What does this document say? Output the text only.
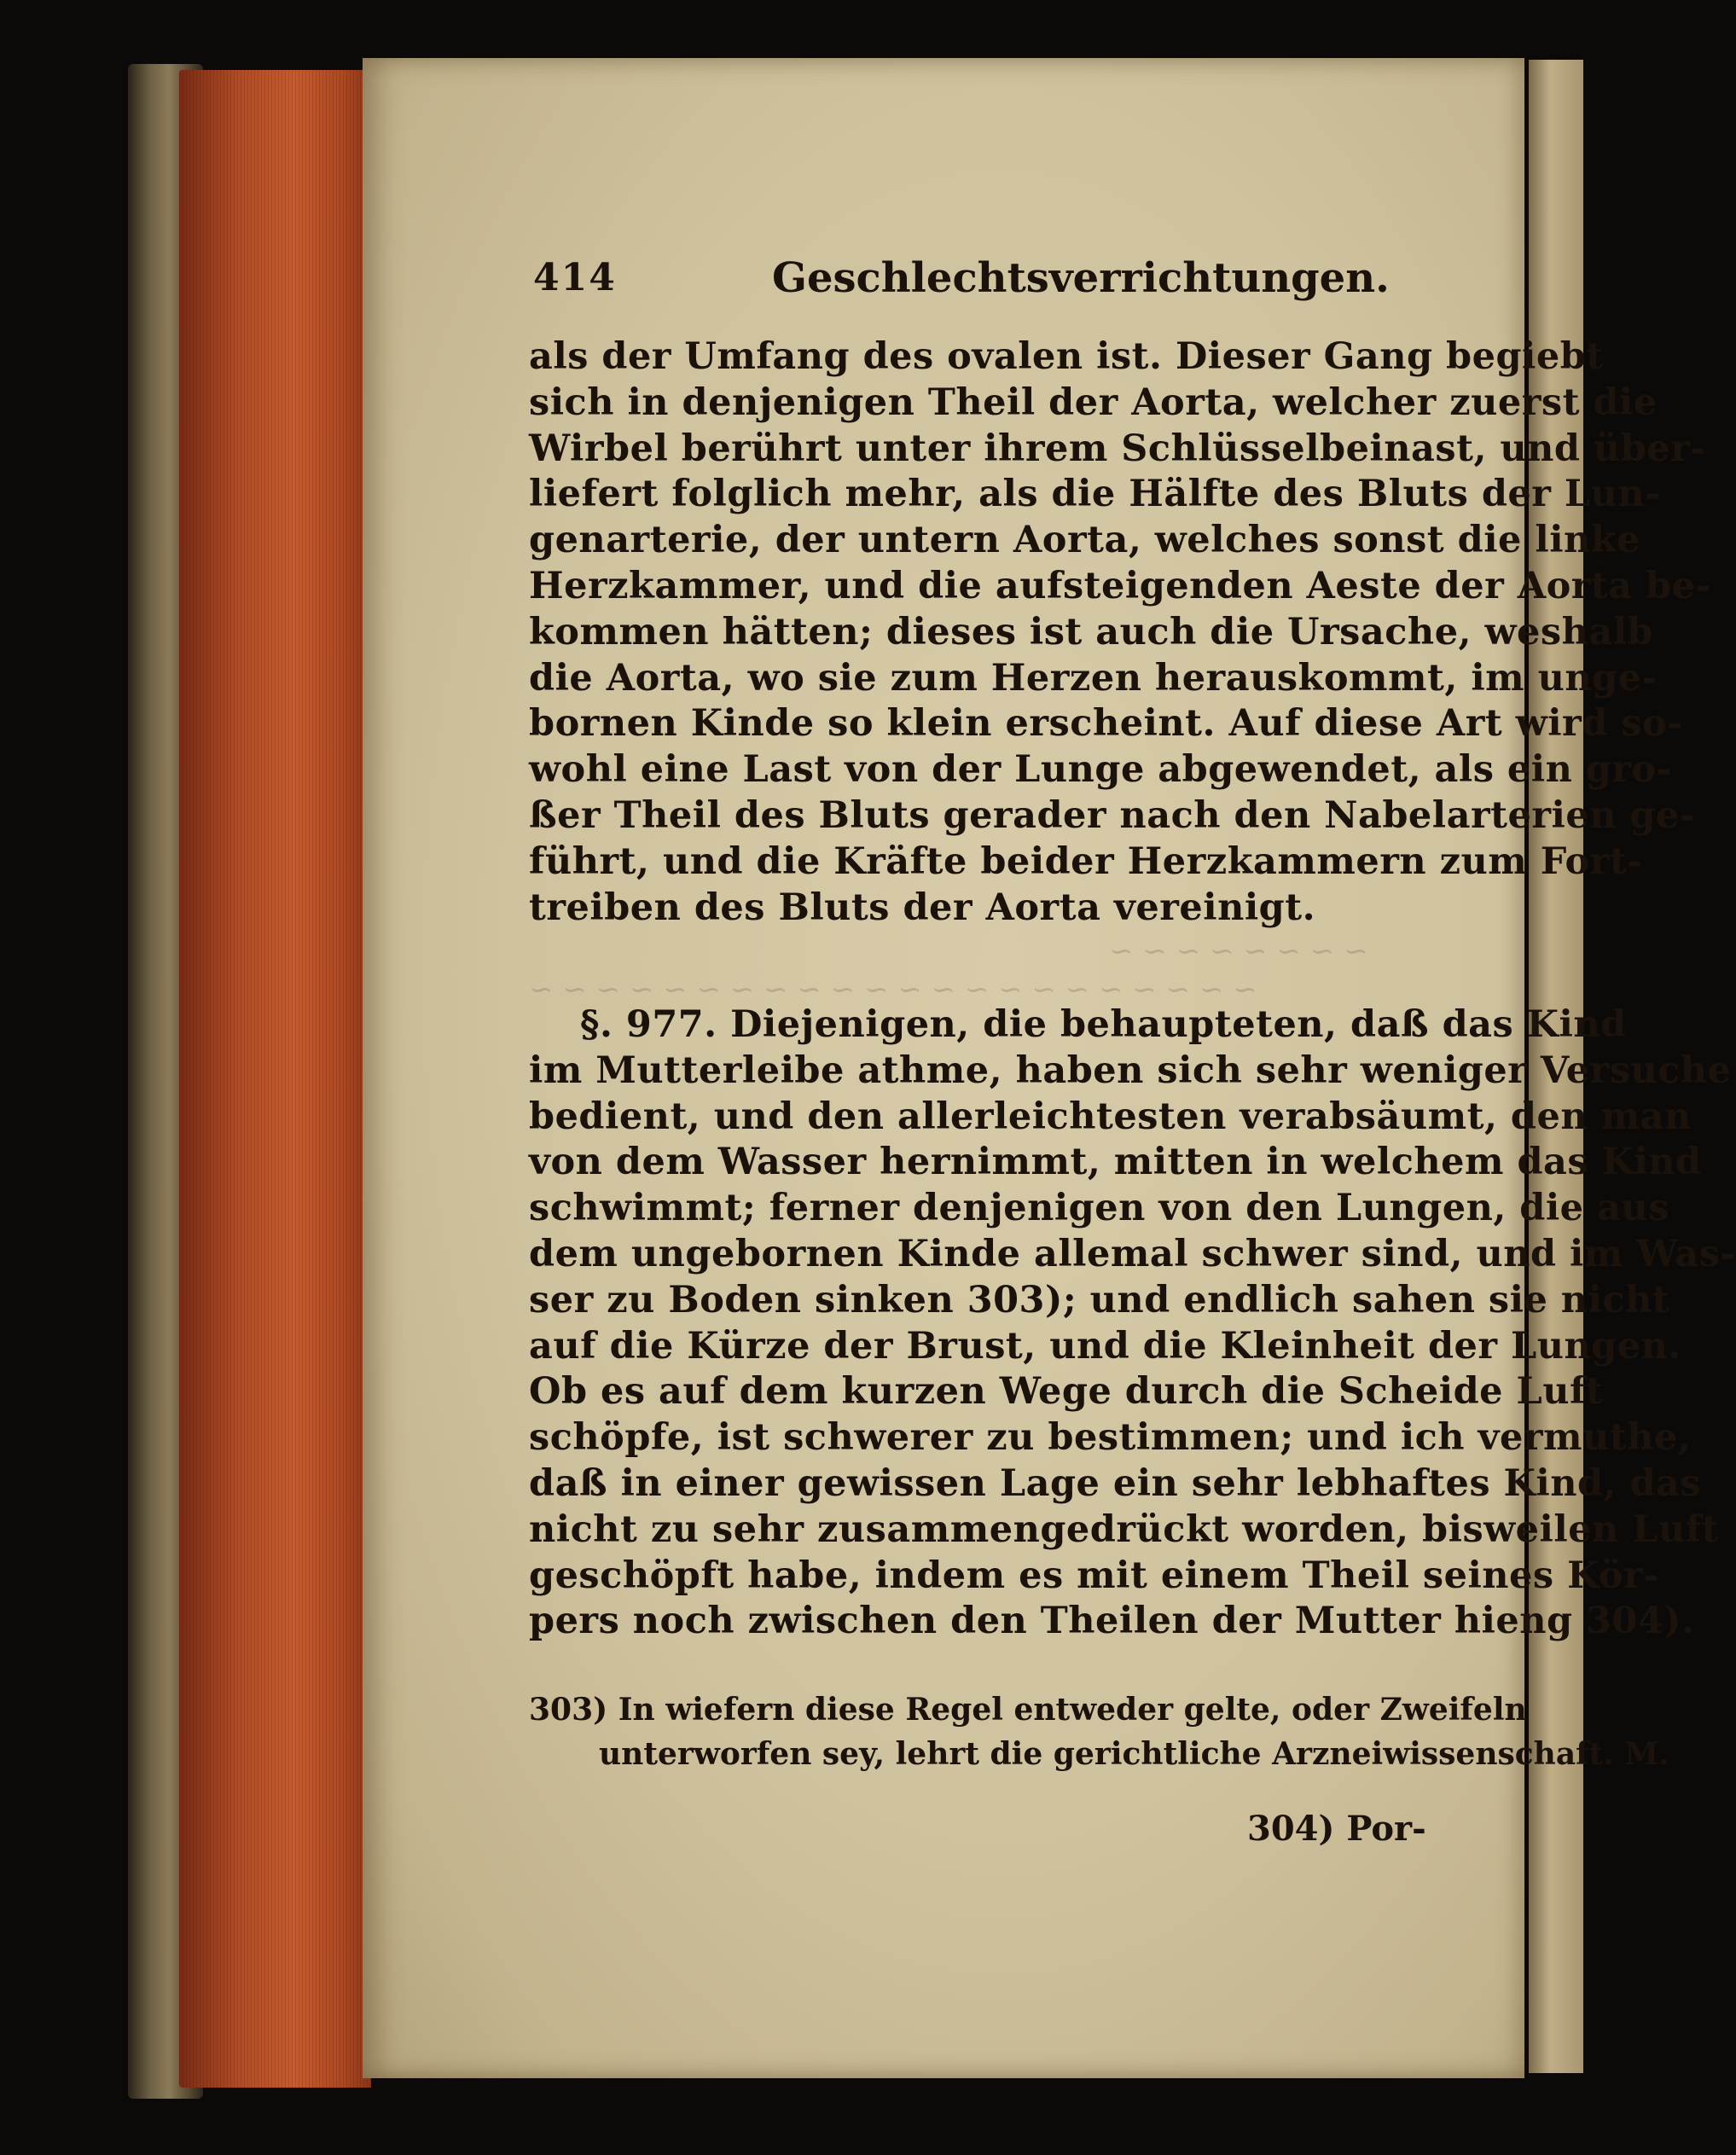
~ ~ ~ ~ ~ ~ ~ ~
~ ~ ~ ~ ~ ~ ~ ~ ~ ~ ~ ~ ~ ~ ~ ~ ~ ~ ~ ~ ~ ~
414	Geschlechtsverrichtungen.
als der Umfang des ovalen ist. Dieser Gang begiebt
sich in denjenigen Theil der Aorta, welcher zuerst die
Wirbel berührt unter ihrem Schlüsselbeinast, und über-
liefert folglich mehr, als die Hälfte des Bluts der Lun-
genarterie, der untern Aorta, welches sonst die linke
Herzkammer, und die aufsteigenden Aeste der Aorta be-
kommen hätten; dieses ist auch die Ursache, weshalb
die Aorta, wo sie zum Herzen herauskommt, im unge-
bornen Kinde so klein erscheint. Auf diese Art wird so-
wohl eine Last von der Lunge abgewendet, als ein gro-
ßer Theil des Bluts gerader nach den Nabelarterien ge-
führt, und die Kräfte beider Herzkammern zum Fort-
treiben des Bluts der Aorta vereinigt.
§. 977. Diejenigen, die behaupteten, daß das Kind
im Mutterleibe athme, haben sich sehr weniger Versuche
bedient, und den allerleichtesten verabsäumt, den man
von dem Wasser hernimmt, mitten in welchem das Kind
schwimmt; ferner denjenigen von den Lungen, die aus
dem ungebornen Kinde allemal schwer sind, und im Was-
ser zu Boden sinken 303); und endlich sahen sie nicht
auf die Kürze der Brust, und die Kleinheit der Lungen.
Ob es auf dem kurzen Wege durch die Scheide Luft
schöpfe, ist schwerer zu bestimmen; und ich vermuthe,
daß in einer gewissen Lage ein sehr lebhaftes Kind, das
nicht zu sehr zusammengedrückt worden, bisweilen Luft
geschöpft habe, indem es mit einem Theil seines Kör-
pers noch zwischen den Theilen der Mutter hieng 304).
303) In wiefern diese Regel entweder gelte, oder Zweifeln
unterworfen sey, lehrt die gerichtliche Arzneiwissenschaft. M.
304) Por-
